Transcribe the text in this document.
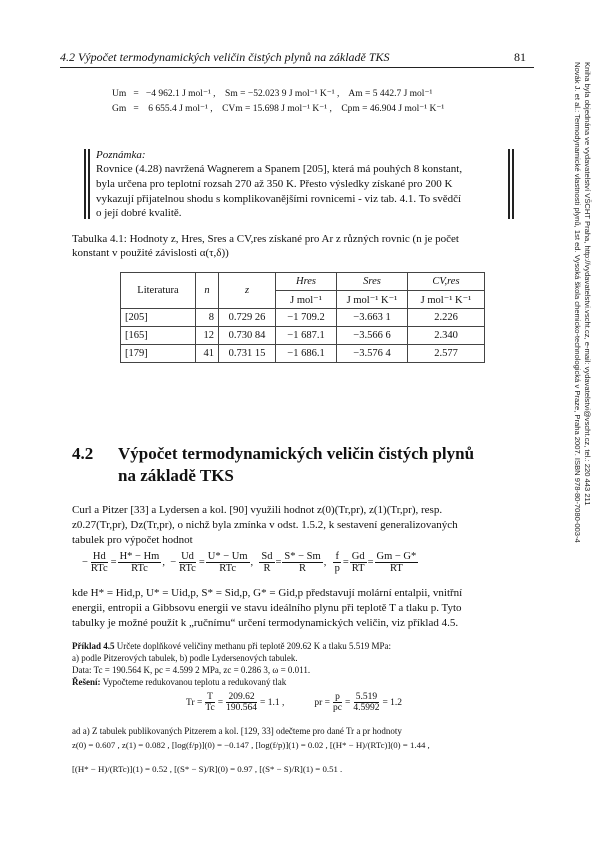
4.2 Výpočet termodynamických veličin čistých plynů na základě TKS	81
Um   =   −4 962.1 J mol⁻¹ ,    Sm = −52.023 9 J mol⁻¹ K⁻¹ ,    Am = 5 442.7 J mol⁻¹
Gm   =    6 655.4 J mol⁻¹ ,    CVm = 15.698 J mol⁻¹ K⁻¹ ,    Cpm = 46.904 J mol⁻¹ K⁻¹
Poznámka:
Rovnice (4.28) navržená Wagnerem a Spanem [205], která má pouhých 8 konstant,
byla určena pro teplotní rozsah 270 až 350 K. Přesto výsledky získané pro 200 K
vykazují přijatelnou shodu s komplikovanějšími rovnicemi - viz tab. 4.1. To svědčí
o její dobré kvalitě.
Tabulka 4.1: Hodnoty z, Hres, Sres a CV,res získané pro Ar z různých rovnic (n je počet
konstant v použité závislosti α(τ,δ))
Literatura	n	z	Hres	Sres	CV,res
			J mol⁻¹	J mol⁻¹ K⁻¹	J mol⁻¹ K⁻¹
[205]	8	0.729 26	−1 709.2	−3.663 1	2.226
[165]	12	0.730 84	−1 687.1	−3.566 6	2.340
[179]	41	0.731 15	−1 686.1	−3.576 4	2.577
4.2 Výpočet termodynamických veličin čistých plynů
na základě TKS
Curl a Pitzer [33] a Lydersen a kol. [90] využili hodnot z(0)(Tr,pr), z(1)(Tr,pr), resp.
z0.27(Tr,pr), Dz(Tr,pr), o nichž byla zmínka v odst. 1.5.2, k sestavení generalizovaných
tabulek pro výpočet hodnot
− $\frac{Hd}{\text{RTc}} = \frac{H* - Hm}{\text{RTc}}$ ,  − $\frac{Ud}{\text{RTc}} = \frac{U* - Um}{\text{RTc}}$ , $\frac{Sd}{R} = \frac{S* - Sm}{R}$ , $\frac{f}{p} = \frac{Gd}{RT} = \frac{Gm - G*}{RT}$
kde H* = Hid,p, U* = Uid,p, S* = Sid,p, G* = Gid,p představují molární entalpii, vnitřní
energii, entropii a Gibbsovu energii ve stavu ideálního plynu při teplotě T a tlaku p. Tyto
tabulky je možné použít k „ručnímu“ určení termodynamických veličin, viz příklad 4.5.
Příklad 4.5 Určete doplňkové veličiny methanu při teplotě 209.62 K a tlaku 5.519 MPa:
a) podle Pitzerových tabulek, b) podle Lydersenových tabulek.
Data: Tc = 190.564 K, pc = 4.599 2 MPa, zc = 0.286 3, ω = 0.011.
Řešení: Vypočteme redukovanou teplotu a redukovaný tlak
$Tr = \frac{T}{Tc} = \frac{209.62}{190.564} = 1.1$ ,	pr = $\frac{p}{pc} = \frac{5.519}{4.5992} = 1.2$
ad a) Z tabulek publikovaných Pitzerem a kol. [129, 33] odečteme pro dané Tr a pr hodnoty
z(0) = 0.607 , z(1) = 0.082 , [log(f/p)](0) = −0.147 , [log(f/p)](1) = 0.02 , [(H* − H)/(RTc)](0) = 1.44 ,
[(H* − H)/(RTc)](1) = 0.52 , [(S* − S)/R](0) = 0.97 , [(S* − S)/R](1) = 0.51 .
Novák J. et al.: Termodynamické vlastnosti plynů, 1st ed. Vysoká škola chemicko-technologická v Praze, Praha 2007. ISBN 978-80-7080-003-4 Kniha byla objednána ve vydavatelství VŠCHT Praha, http://vydavatelstvi.vscht.cz, e-mail: vydavatelstvi@vscht.cz, tel.: 220 443 211
